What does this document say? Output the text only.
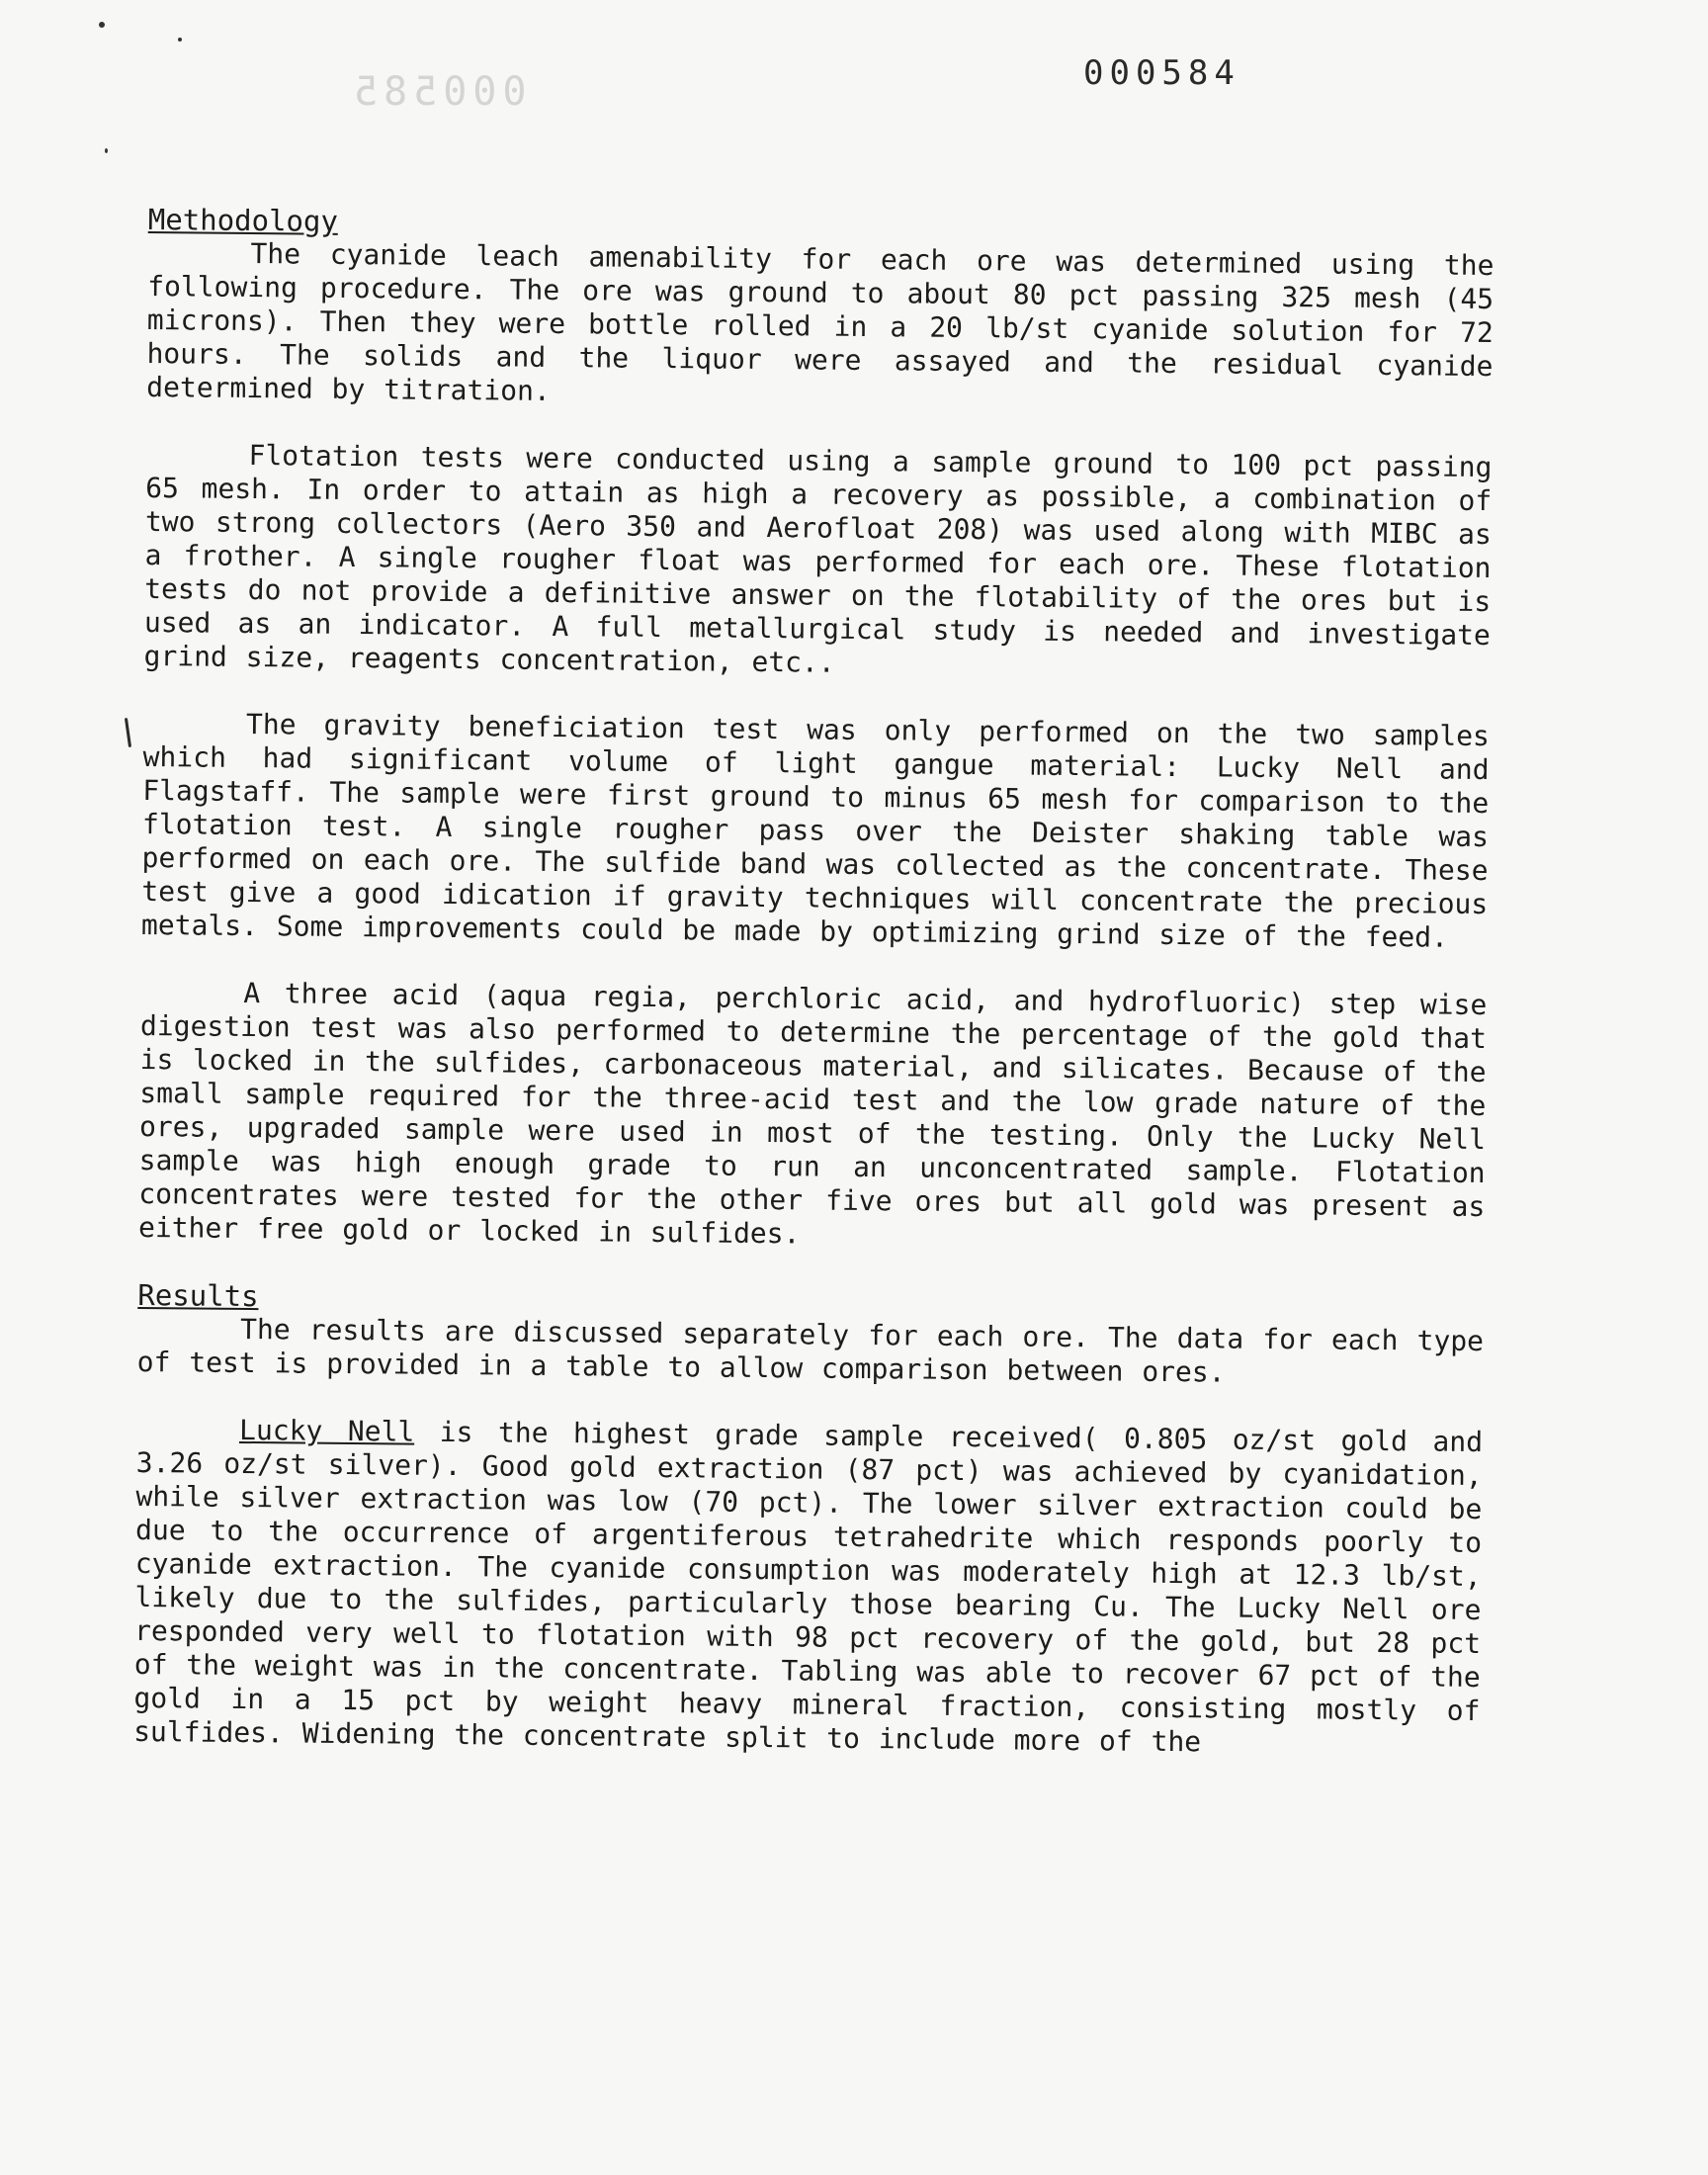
000585	000584
Methodology

The cyanide leach amenability for each ore was determined using the following procedure. The ore was ground to about 80 pct passing 325 mesh (45 microns). Then they were bottle rolled in a 20 lb/st cyanide solution for 72 hours. The solids and the liquor were assayed and the residual cyanide determined by titration.

Flotation tests were conducted using a sample ground to 100 pct passing 65 mesh. In order to attain as high a recovery as possible, a combination of two strong collectors (Aero 350 and Aerofloat 208) was used along with MIBC as a frother. A single rougher float was performed for each ore. These flotation tests do not provide a definitive answer on the flotability of the ores but is used as an indicator. A full metallurgical study is needed and investigate grind size, reagents concentration, etc..

The gravity beneficiation test was only performed on the two samples which had significant volume of light gangue material: Lucky Nell and Flagstaff. The sample were first ground to minus 65 mesh for comparison to the flotation test. A single rougher pass over the Deister shaking table was performed on each ore. The sulfide band was collected as the concentrate. These test give a good idication if gravity techniques will concentrate the precious metals. Some improvements could be made by optimizing grind size of the feed.

A three acid (aqua regia, perchloric acid, and hydrofluoric) step wise digestion test was also performed to determine the percentage of the gold that is locked in the sulfides, carbonaceous material, and silicates. Because of the small sample required for the three-acid test and the low grade nature of the ores, upgraded sample were used in most of the testing. Only the Lucky Nell sample was high enough grade to run an unconcentrated sample. Flotation concentrates were tested for the other five ores but all gold was present as either free gold or locked in sulfides.

Results

The results are discussed separately for each ore. The data for each type of test is provided in a table to allow comparison between ores.

Lucky Nell is the highest grade sample received( 0.805 oz/st gold and 3.26 oz/st silver). Good gold extraction (87 pct) was achieved by cyanidation, while silver extraction was low (70 pct). The lower silver extraction could be due to the occurrence of argentiferous tetrahedrite which responds poorly to cyanide extraction. The cyanide consumption was moderately high at 12.3 lb/st, likely due to the sulfides, particularly those bearing Cu. The Lucky Nell ore responded very well to flotation with 98 pct recovery of the gold, but 28 pct of the weight was in the concentrate. Tabling was able to recover 67 pct of the gold in a 15 pct by weight heavy mineral fraction, consisting mostly of sulfides. Widening the concentrate split to include more of the
